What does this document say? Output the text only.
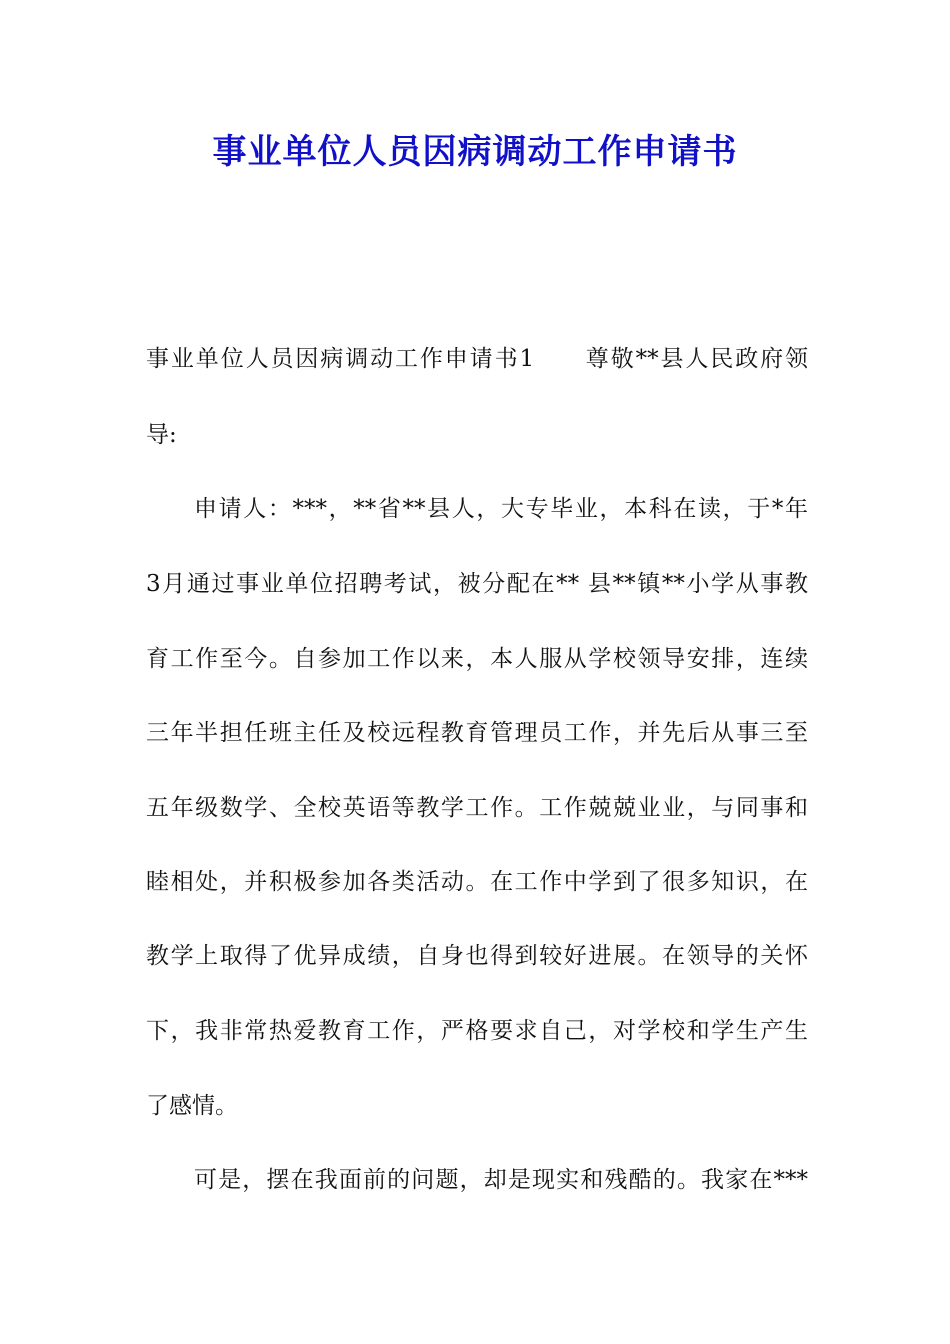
事业单位人员因病调动工作申请书
事业单位人员因病调动工作申请书1　　尊敬**县人民政府领
导:
申请人：***，**省**县人，大专毕业，本科在读，于*年
3月通过事业单位招聘考试，被分配在** 县**镇**小学从事教
育工作至今。自参加工作以来，本人服从学校领导安排，连续
三年半担任班主任及校远程教育管理员工作，并先后从事三至
五年级数学、全校英语等教学工作。工作兢兢业业，与同事和
睦相处，并积极参加各类活动。在工作中学到了很多知识，在
教学上取得了优异成绩，自身也得到较好进展。在领导的关怀
下，我非常热爱教育工作，严格要求自己，对学校和学生产生
了感情。
可是，摆在我面前的问题，却是现实和残酷的。我家在***
